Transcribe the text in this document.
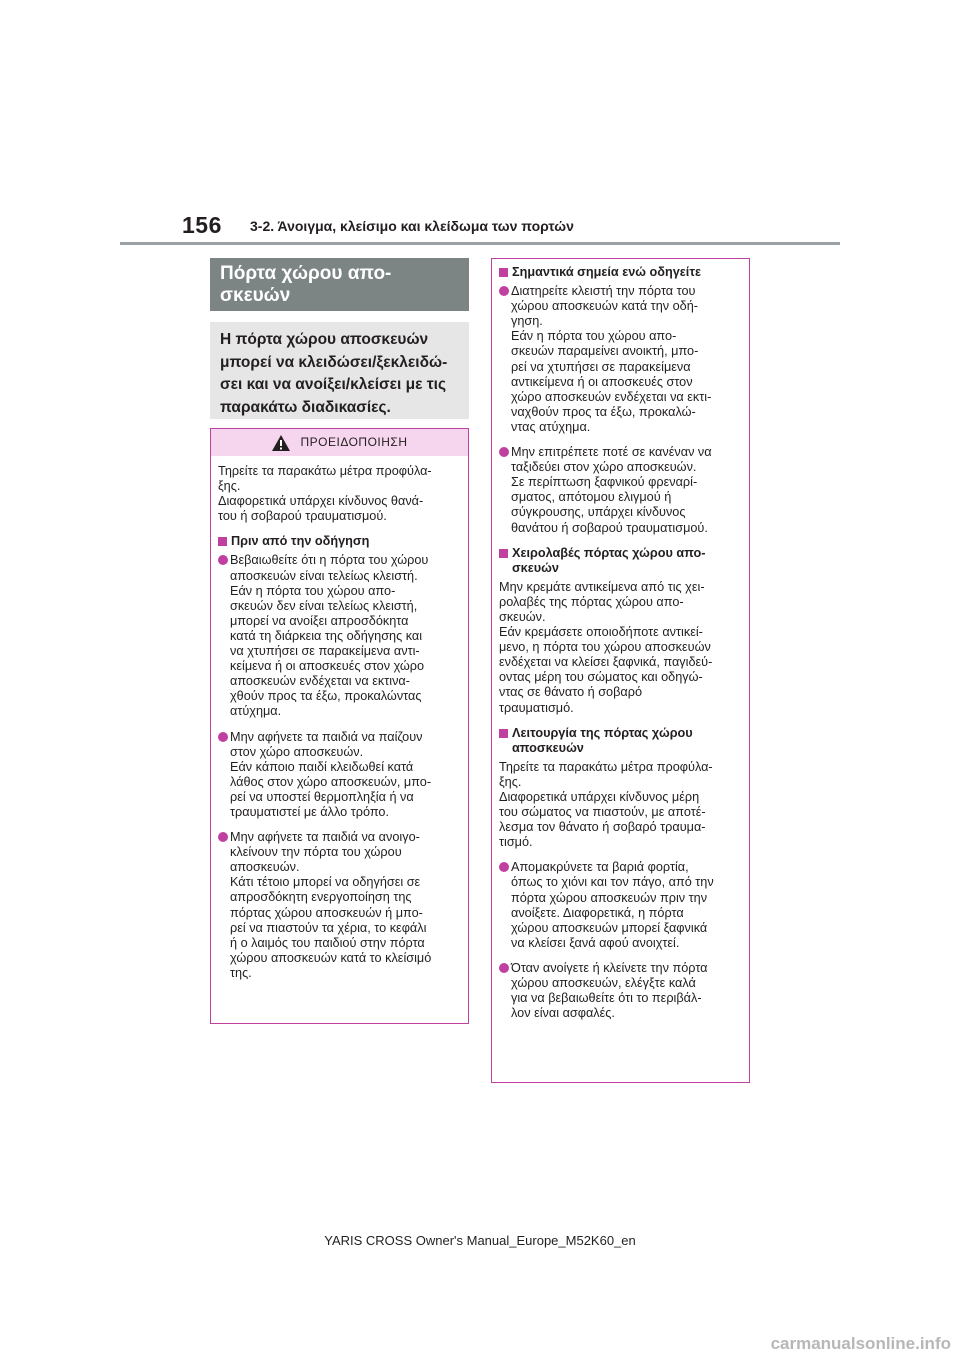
156 3-2. Άνοιγμα, κλείσιμο και κλείδωμα των πορτών
Πόρτα χώρου απο-
σκευών
Η πόρτα χώρου αποσκευών
μπορεί να κλειδώσει/ξεκλειδώ-
σει και να ανοίξει/κλείσει με τις
παρακάτω διαδικασίες.
ΠΡΟΕΙΔΟΠΟΙΗΣΗ
Τηρείτε τα παρακάτω μέτρα προφύλα-
ξης.
Διαφορετικά υπάρχει κίνδυνος θανά-
του ή σοβαρού τραυματισμού.
Πριν από την οδήγηση
Βεβαιωθείτε ότι η πόρτα του χώρου
αποσκευών είναι τελείως κλειστή.
Εάν η πόρτα του χώρου απο-
σκευών δεν είναι τελείως κλειστή,
μπορεί να ανοίξει απροσδόκητα
κατά τη διάρκεια της οδήγησης και
να χτυπήσει σε παρακείμενα αντι-
κείμενα ή οι αποσκευές στον χώρο
αποσκευών ενδέχεται να εκτινα-
χθούν προς τα έξω, προκαλώντας
ατύχημα.
Μην αφήνετε τα παιδιά να παίζουν
στον χώρο αποσκευών.
Εάν κάποιο παιδί κλειδωθεί κατά
λάθος στον χώρο αποσκευών, μπο-
ρεί να υποστεί θερμοπληξία ή να
τραυματιστεί με άλλο τρόπο.
Μην αφήνετε τα παιδιά να ανοιγο-
κλείνουν την πόρτα του χώρου
αποσκευών.
Κάτι τέτοιο μπορεί να οδηγήσει σε
απροσδόκητη ενεργοποίηση της
πόρτας χώρου αποσκευών ή μπο-
ρεί να πιαστούν τα χέρια, το κεφάλι
ή ο λαιμός του παιδιού στην πόρτα
χώρου αποσκευών κατά το κλείσιμό
της.
Σημαντικά σημεία ενώ οδηγείτε
Διατηρείτε κλειστή την πόρτα του
χώρου αποσκευών κατά την οδή-
γηση.
Εάν η πόρτα του χώρου απο-
σκευών παραμείνει ανοικτή, μπο-
ρεί να χτυπήσει σε παρακείμενα
αντικείμενα ή οι αποσκευές στον
χώρο αποσκευών ενδέχεται να εκτι-
ναχθούν προς τα έξω, προκαλώ-
ντας ατύχημα.
Μην επιτρέπετε ποτέ σε κανέναν να
ταξιδεύει στον χώρο αποσκευών.
Σε περίπτωση ξαφνικού φρεναρί-
σματος, απότομου ελιγμού ή
σύγκρουσης, υπάρχει κίνδυνος
θανάτου ή σοβαρού τραυματισμού.
Χειρολαβές πόρτας χώρου απο-
σκευών
Μην κρεμάτε αντικείμενα από τις χει-
ρολαβές της πόρτας χώρου απο-
σκευών.
Εάν κρεμάσετε οποιοδήποτε αντικεί-
μενο, η πόρτα του χώρου αποσκευών
ενδέχεται να κλείσει ξαφνικά, παγιδεύ-
οντας μέρη του σώματος και οδηγώ-
ντας σε θάνατο ή σοβαρό
τραυματισμό.
Λειτουργία της πόρτας χώρου
αποσκευών
Τηρείτε τα παρακάτω μέτρα προφύλα-
ξης.
Διαφορετικά υπάρχει κίνδυνος μέρη
του σώματος να πιαστούν, με αποτέ-
λεσμα τον θάνατο ή σοβαρό τραυμα-
τισμό.
Απομακρύνετε τα βαριά φορτία,
όπως το χιόνι και τον πάγο, από την
πόρτα χώρου αποσκευών πριν την
ανοίξετε. Διαφορετικά, η πόρτα
χώρου αποσκευών μπορεί ξαφνικά
να κλείσει ξανά αφού ανοιχτεί.
Όταν ανοίγετε ή κλείνετε την πόρτα
χώρου αποσκευών, ελέγξτε καλά
για να βεβαιωθείτε ότι το περιβάλ-
λον είναι ασφαλές.
YARIS CROSS Owner's Manual_Europe_M52K60_en
carmanualsonline.info
